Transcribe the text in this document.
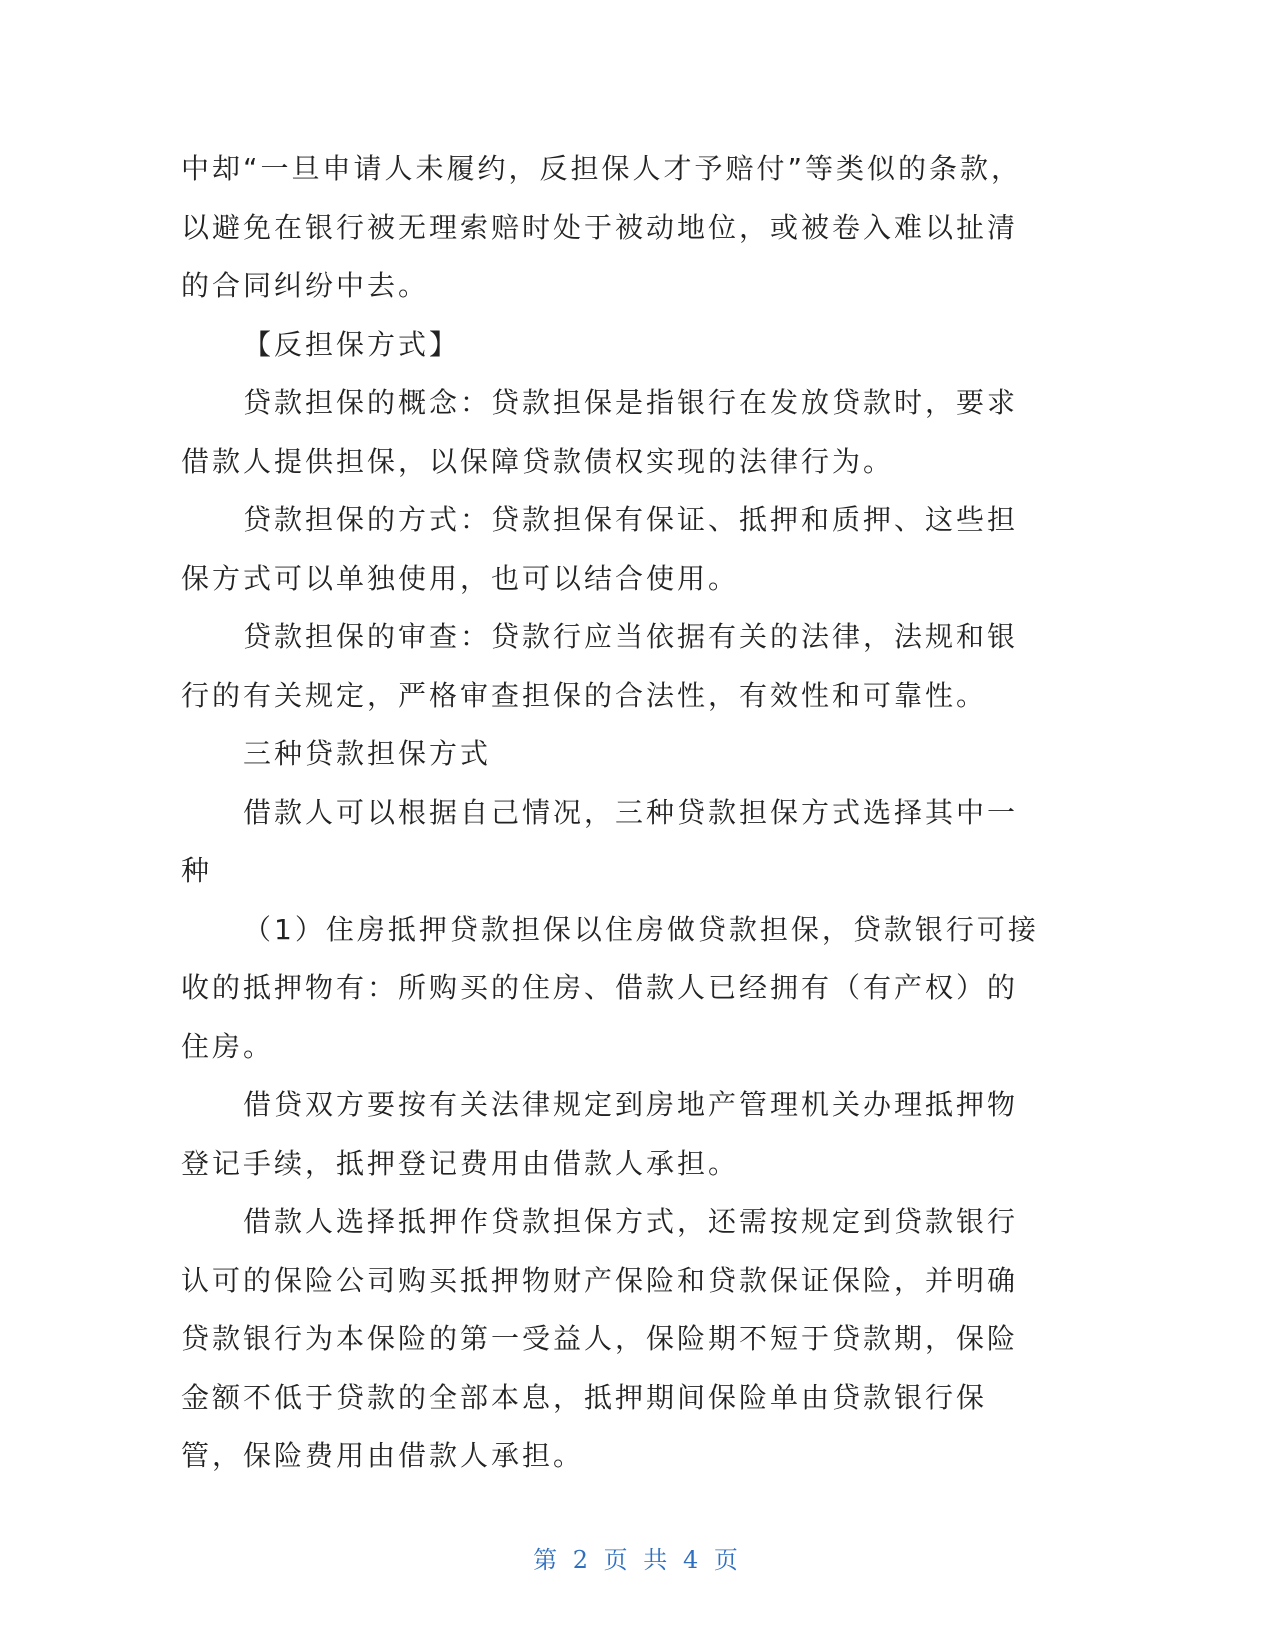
中却“一旦申请人未履约，反担保人才予赔付”等类似的条款，以避免在银行被无理索赔时处于被动地位，或被卷入难以扯清的合同纠纷中去。

【反担保方式】

贷款担保的概念：贷款担保是指银行在发放贷款时，要求借款人提供担保，以保障贷款债权实现的法律行为。

贷款担保的方式：贷款担保有保证、抵押和质押、这些担保方式可以单独使用，也可以结合使用。

贷款担保的审查：贷款行应当依据有关的法律，法规和银行的有关规定，严格审查担保的合法性，有效性和可靠性。

三种贷款担保方式

借款人可以根据自己情况，三种贷款担保方式选择其中一种

（1）住房抵押贷款担保以住房做贷款担保，贷款银行可接收的抵押物有：所购买的住房、借款人已经拥有（有产权）的住房。

借贷双方要按有关法律规定到房地产管理机关办理抵押物登记手续，抵押登记费用由借款人承担。

借款人选择抵押作贷款担保方式，还需按规定到贷款银行认可的保险公司购买抵押物财产保险和贷款保证保险，并明确贷款银行为本保险的第一受益人，保险期不短于贷款期，保险金额不低于贷款的全部本息，抵押期间保险单由贷款银行保管，保险费用由借款人承担。

第 2 页 共 4 页
